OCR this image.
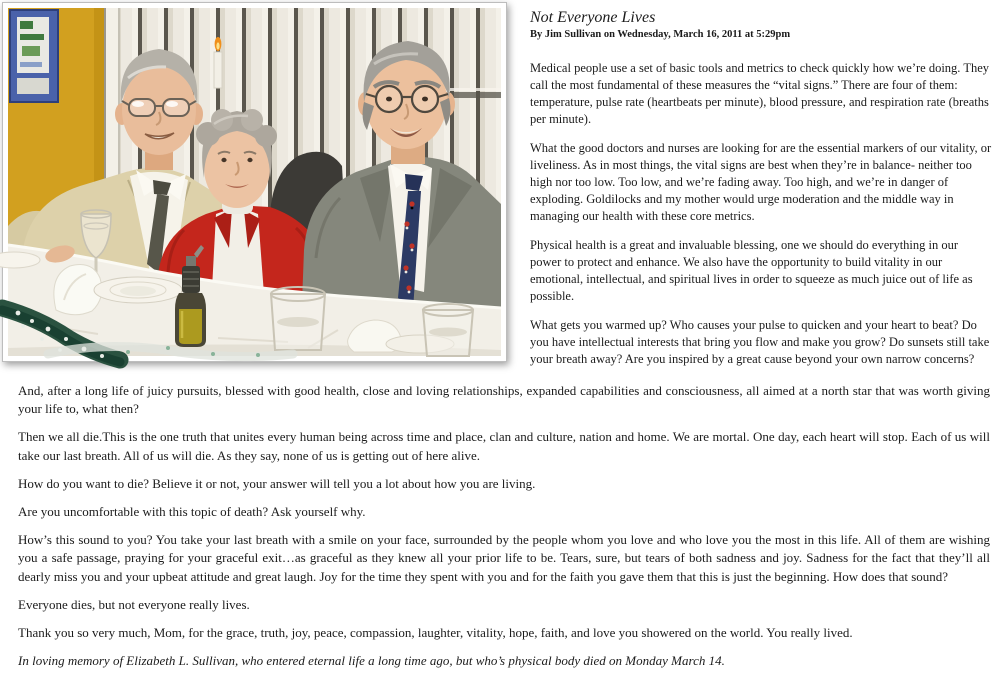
Not Everyone Lives
By Jim Sullivan on Wednesday, March 16, 2011 at 5:29pm

Medical people use a set of basic tools and metrics to check quickly how we’re doing. They call the most fundamental of these measures the “vital signs.” There are four of them: temperature, pulse rate (heartbeats per minute), blood pressure, and respiration rate (breaths per minute).

What the good doctors and nurses are looking for are the essential markers of our vitality, or liveliness. As in most things, the vital signs are best when they’re in balance- neither too high nor too low. Too low, and we’re fading away. Too high, and we’re in danger of exploding. Goldilocks and my mother would urge moderation and the middle way in managing our health with these core metrics.

Physical health is a great and invaluable blessing, one we should do everything in our power to protect and enhance. We also have the opportunity to build vitality in our emotional, intellectual, and spiritual lives in order to squeeze as much juice out of life as possible.

What gets you warmed up? Who causes your pulse to quicken and your heart to beat? Do you have intellectual interests that bring you flow and make you grow? Do sunsets still take your breath away? Are you inspired by a great cause beyond your own narrow concerns?

And, after a long life of juicy pursuits, blessed with good health, close and loving relationships, expanded capabilities and consciousness, all aimed at a north star that was worth giving your life to, what then?

Then we all die.This is the one truth that unites every human being across time and place, clan and culture, nation and home. We are mortal. One day, each heart will stop. Each of us will take our last breath. All of us will die. As they say, none of us is getting out of here alive.

How do you want to die? Believe it or not, your answer will tell you a lot about how you are living.

Are you uncomfortable with this topic of death? Ask yourself why.

How’s this sound to you? You take your last breath with a smile on your face, surrounded by the people whom you love and who love you the most in this life. All of them are wishing you a safe passage, praying for your graceful exit…as graceful as they knew all your prior life to be. Tears, sure, but tears of both sadness and joy. Sadness for the fact that they’ll all dearly miss you and your upbeat attitude and great laugh. Joy for the time they spent with you and for the faith you gave them that this is just the beginning. How does that sound?

Everyone dies, but not everyone really lives.

Thank you so very much, Mom, for the grace, truth, joy, peace, compassion, laughter, vitality, hope, faith, and love you showered on the world. You really lived.

In loving memory of Elizabeth L. Sullivan, who entered eternal life a long time ago, but who’s physical body died on Monday March 14.
